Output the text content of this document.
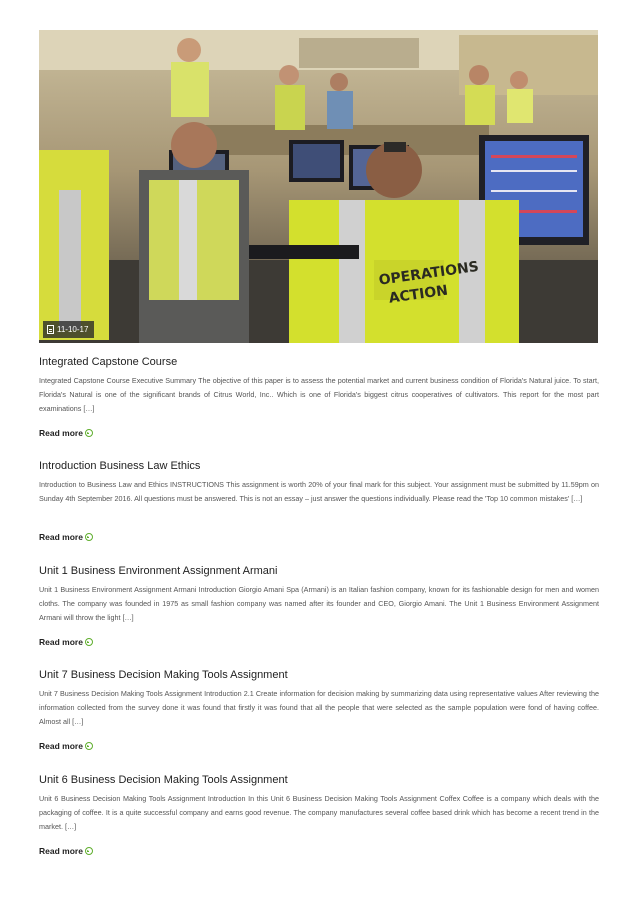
OPERATIONS
ACTION
11-10-17
Integrated Capstone Course

Integrated Capstone Course Executive Summary The objective of this paper is to assess the potential market and current business condition of Florida's Natural juice. To start, Florida's Natural is one of the significant brands of Citrus World, Inc.. Which is one of Florida's biggest citrus cooperatives of cultivators. This report for the most part examinations […]

Read more
Introduction Business Law Ethics

Introduction to Business Law and Ethics INSTRUCTIONS This assignment is worth 20% of your final mark for this subject. Your assignment must be submitted by 11.59pm on Sunday 4th September 2016. All questions must be answered. This is not an essay – just answer the questions individually. Please read the 'Top 10 common mistakes' […]

Read more
Unit 1 Business Environment Assignment Armani

Unit 1 Business Environment Assignment Armani Introduction Giorgio Amani Spa (Armani) is an Italian fashion company, known for its fashionable design for men and women cloths. The company was founded in 1975 as small fashion company was named after its founder and CEO, Giorgio Amani. The Unit 1 Business Environment Assignment Armani will throw the light […]

Read more
Unit 7 Business Decision Making Tools Assignment

Unit 7 Business Decision Making Tools Assignment Introduction 2.1 Create information for decision making by summarizing data using representative values After reviewing the information collected from the survey done it was found that firstly it was found that all the people that were selected as the sample population were fond of having coffee. Almost all […]

Read more
Unit 6 Business Decision Making Tools Assignment

Unit 6 Business Decision Making Tools Assignment Introduction In this Unit 6 Business Decision Making Tools Assignment Coffex Coffee is a company which deals with the packaging of coffee. It is a quite successful company and earns good revenue. The company manufactures several coffee based drink which has become a recent trend in the market. […]

Read more
